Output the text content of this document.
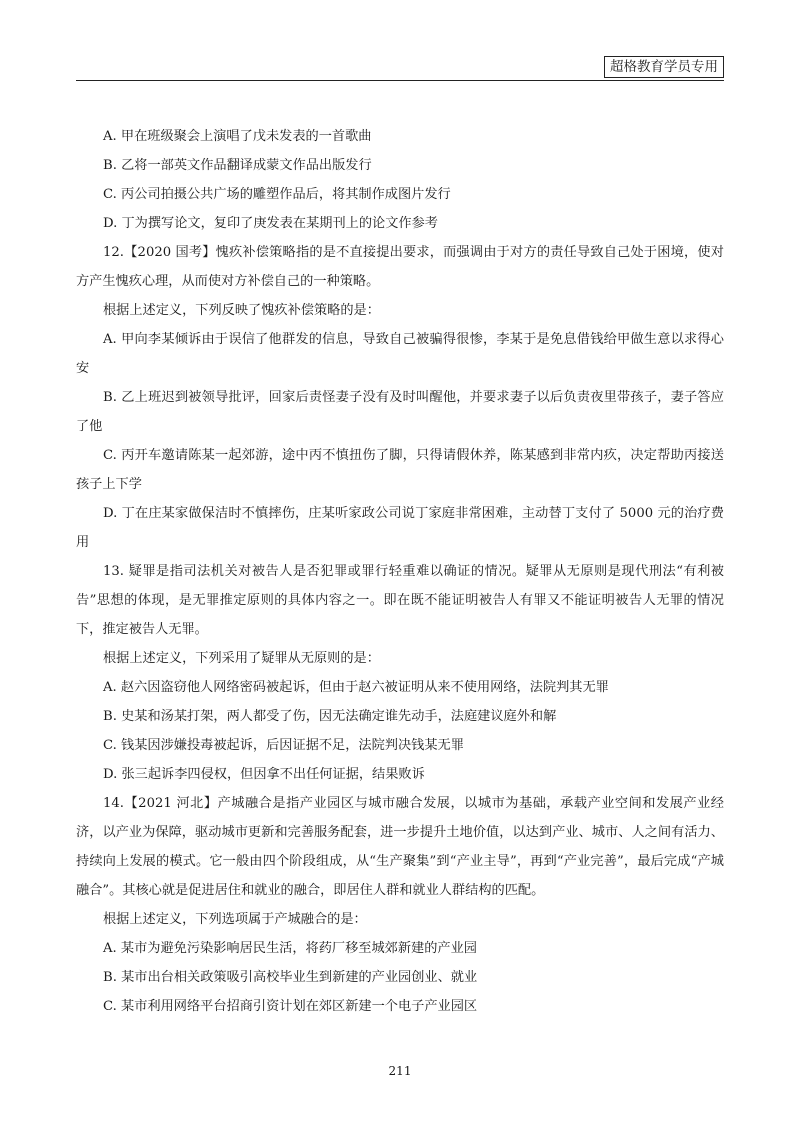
超格教育学员专用

A. 甲在班级聚会上演唱了戊未发表的一首歌曲

B. 乙将一部英文作品翻译成蒙文作品出版发行

C. 丙公司拍摄公共广场的雕塑作品后，将其制作成图片发行

D. 丁为撰写论文，复印了庚发表在某期刊上的论文作参考

12.【2020 国考】愧疚补偿策略指的是不直接提出要求，而强调由于对方的责任导致自己处于困境，使对方产生愧疚心理，从而使对方补偿自己的一种策略。

根据上述定义，下列反映了愧疚补偿策略的是：

A. 甲向李某倾诉由于误信了他群发的信息，导致自己被骗得很惨，李某于是免息借钱给甲做生意以求得心安

B. 乙上班迟到被领导批评，回家后责怪妻子没有及时叫醒他，并要求妻子以后负责夜里带孩子，妻子答应了他

C. 丙开车邀请陈某一起郊游，途中丙不慎扭伤了脚，只得请假休养，陈某感到非常内疚，决定帮助丙接送孩子上下学

D. 丁在庄某家做保洁时不慎摔伤，庄某听家政公司说丁家庭非常困难，主动替丁支付了 5000 元的治疗费用

13. 疑罪是指司法机关对被告人是否犯罪或罪行轻重难以确证的情况。疑罪从无原则是现代刑法“有利被告”思想的体现，是无罪推定原则的具体内容之一。即在既不能证明被告人有罪又不能证明被告人无罪的情况下，推定被告人无罪。

根据上述定义，下列采用了疑罪从无原则的是：

A. 赵六因盗窃他人网络密码被起诉，但由于赵六被证明从来不使用网络，法院判其无罪

B. 史某和汤某打架，两人都受了伤，因无法确定谁先动手，法庭建议庭外和解

C. 钱某因涉嫌投毒被起诉，后因证据不足，法院判决钱某无罪

D. 张三起诉李四侵权，但因拿不出任何证据，结果败诉

14.【2021 河北】产城融合是指产业园区与城市融合发展，以城市为基础，承载产业空间和发展产业经济，以产业为保障，驱动城市更新和完善服务配套，进一步提升土地价值，以达到产业、城市、人之间有活力、持续向上发展的模式。它一般由四个阶段组成，从“生产聚集”到“产业主导”，再到“产业完善”，最后完成“产城融合”。其核心就是促进居住和就业的融合，即居住人群和就业人群结构的匹配。

根据上述定义，下列选项属于产城融合的是：

A. 某市为避免污染影响居民生活，将药厂移至城郊新建的产业园

B. 某市出台相关政策吸引高校毕业生到新建的产业园创业、就业

C. 某市利用网络平台招商引资计划在郊区新建一个电子产业园区

211
